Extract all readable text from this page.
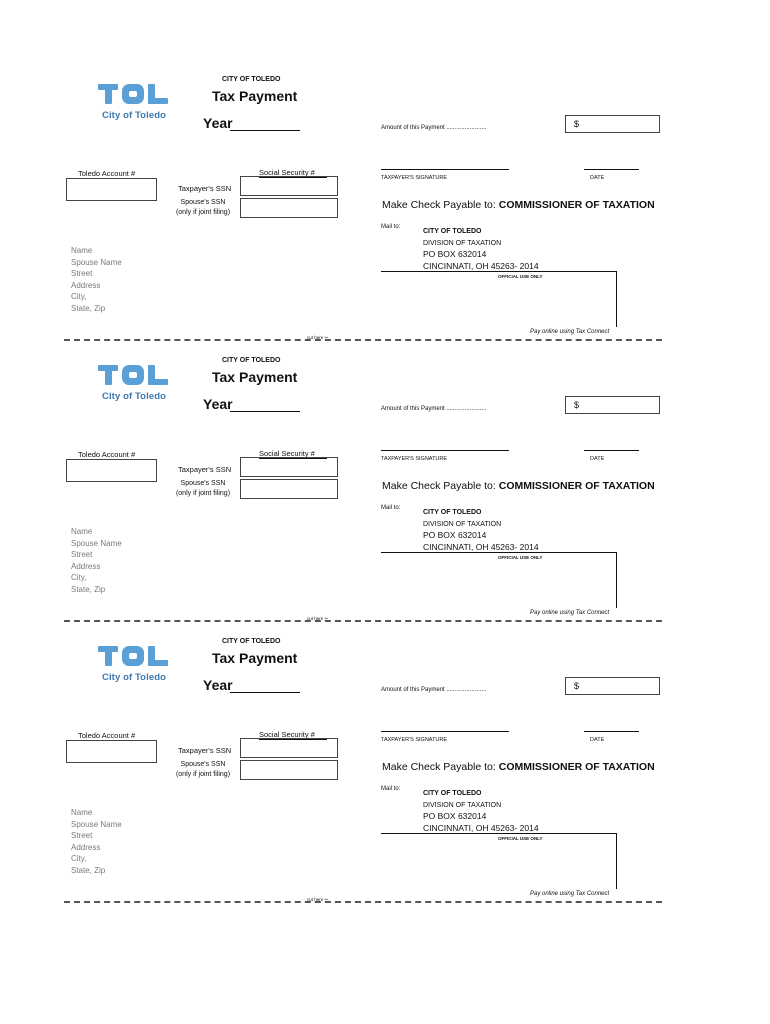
City of Toledo
CITY OF TOLEDO
Tax Payment
Year	Amount of this Payment ........................	$
Toledo Account #	Social Security #
Taxpayer's SSN
Spouse's SSN
(only if joint filing)
TAXPAYER'S SIGNATURE	DATE
Make Check Payable to: COMMISSIONER OF TAXATION
Mail to:
CITY OF TOLEDO
DIVISION OF TAXATION
PO BOX 632014
CINCINNATI, OH 45263- 2014
Name
Spouse Name
Street
Address
City,
State, Zip
OFFICIAL USE ONLY
Pay online using Tax Connect
cut here ✂
City of Toledo
CITY OF TOLEDO
Tax Payment
Year	Amount of this Payment ........................	$
Toledo Account #	Social Security #
Taxpayer's SSN
Spouse's SSN
(only if joint filing)
TAXPAYER'S SIGNATURE	DATE
Make Check Payable to: COMMISSIONER OF TAXATION
Mail to:
CITY OF TOLEDO
DIVISION OF TAXATION
PO BOX 632014
CINCINNATI, OH 45263- 2014
Name
Spouse Name
Street
Address
City,
State, Zip
OFFICIAL USE ONLY
Pay online using Tax Connect
cut here ✂
City of Toledo
CITY OF TOLEDO
Tax Payment
Year	Amount of this Payment ........................	$
Toledo Account #	Social Security #
Taxpayer's SSN
Spouse's SSN
(only if joint filing)
TAXPAYER'S SIGNATURE	DATE
Make Check Payable to: COMMISSIONER OF TAXATION
Mail to:
CITY OF TOLEDO
DIVISION OF TAXATION
PO BOX 632014
CINCINNATI, OH 45263- 2014
Name
Spouse Name
Street
Address
City,
State, Zip
OFFICIAL USE ONLY
Pay online using Tax Connect
cut here ✂
